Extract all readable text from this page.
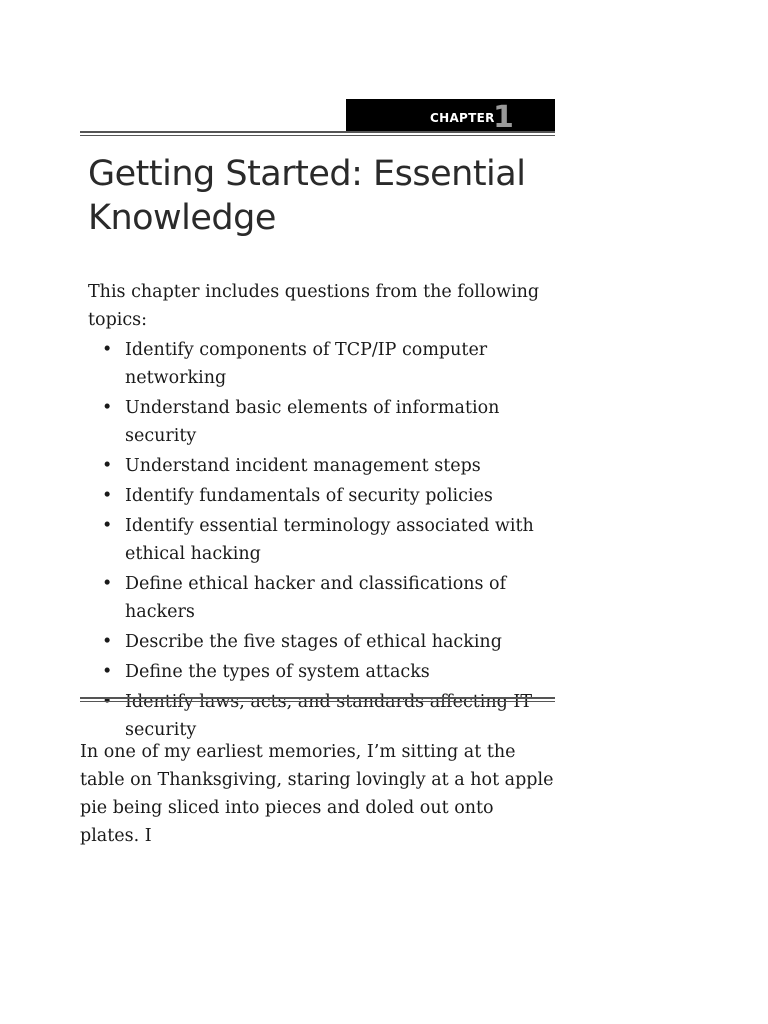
CHAPTER
1
Getting Started: Essential Knowledge

This chapter includes questions from the following topics:

• Identify components of TCP/IP computer networking
• Understand basic elements of information security
• Understand incident management steps
• Identify fundamentals of security policies
• Identify essential terminology associated with ethical hacking
• Define ethical hacker and classifications of hackers
• Describe the five stages of ethical hacking
• Define the types of system attacks
• Identify laws, acts, and standards affecting IT security

In one of my earliest memories, I’m sitting at the table on Thanksgiving, staring lovingly at a hot apple pie being sliced into pieces and doled out onto plates. I
